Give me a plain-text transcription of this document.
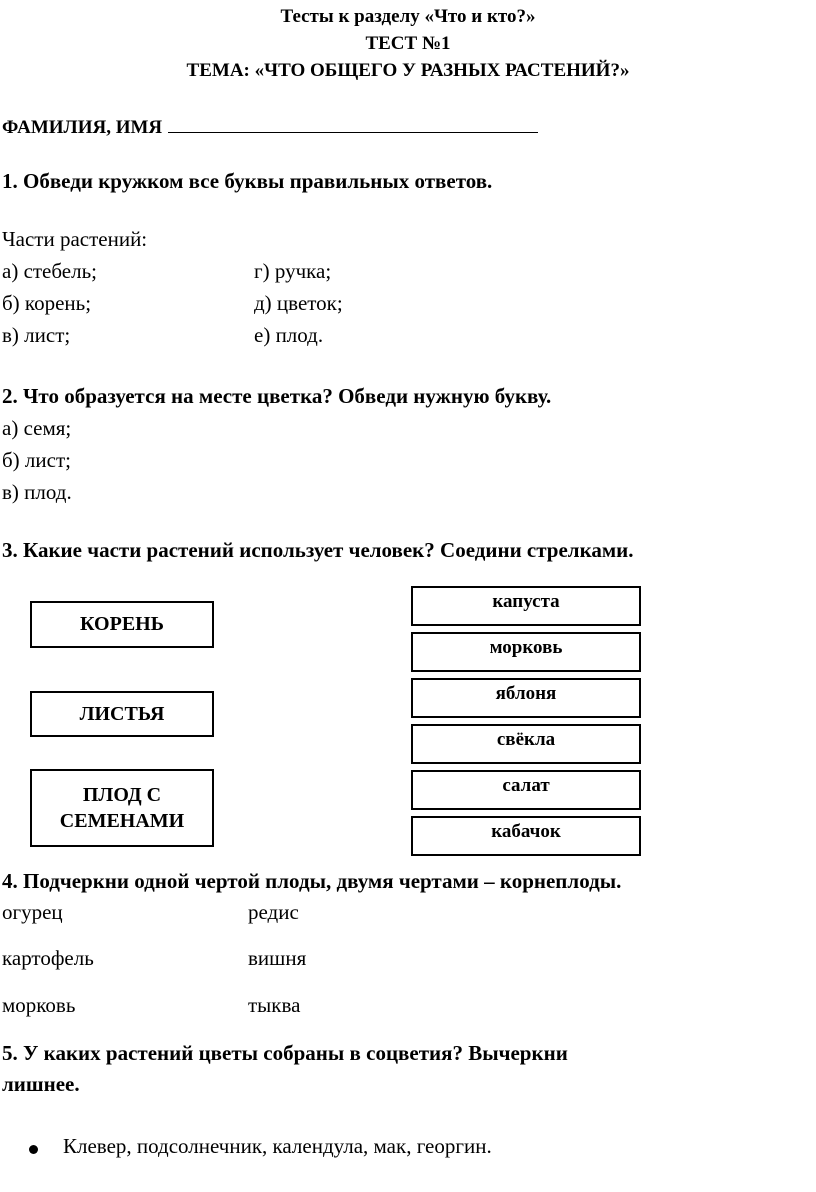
Тесты к разделу «Что и кто?»
ТЕСТ №1
ТЕМА: «ЧТО ОБЩЕГО У РАЗНЫХ РАСТЕНИЙ?»
ФАМИЛИЯ, ИМЯ
1. Обведи кружком все буквы правильных ответов.
Части растений:
а) стебель;
б) корень;
в) лист;
г) ручка;
д) цветок;
е) плод.
2. Что образуется на месте цветка? Обведи нужную букву.
а) семя;
б) лист;
в) плод.
3. Какие части растений использует человек? Соедини стрелками.
КОРЕНЬ
ЛИСТЬЯ
ПЛОД С
СЕМЕНАМИ
капуста
морковь
яблоня
свёкла
салат
кабачок
4. Подчеркни одной чертой плоды, двумя чертами – корнеплоды.
огурец
картофель
морковь
редис
вишня
тыква
5. У каких растений цветы собраны в соцветия? Вычеркни
лишнее.
Клевер, подсолнечник, календула, мак, георгин.
